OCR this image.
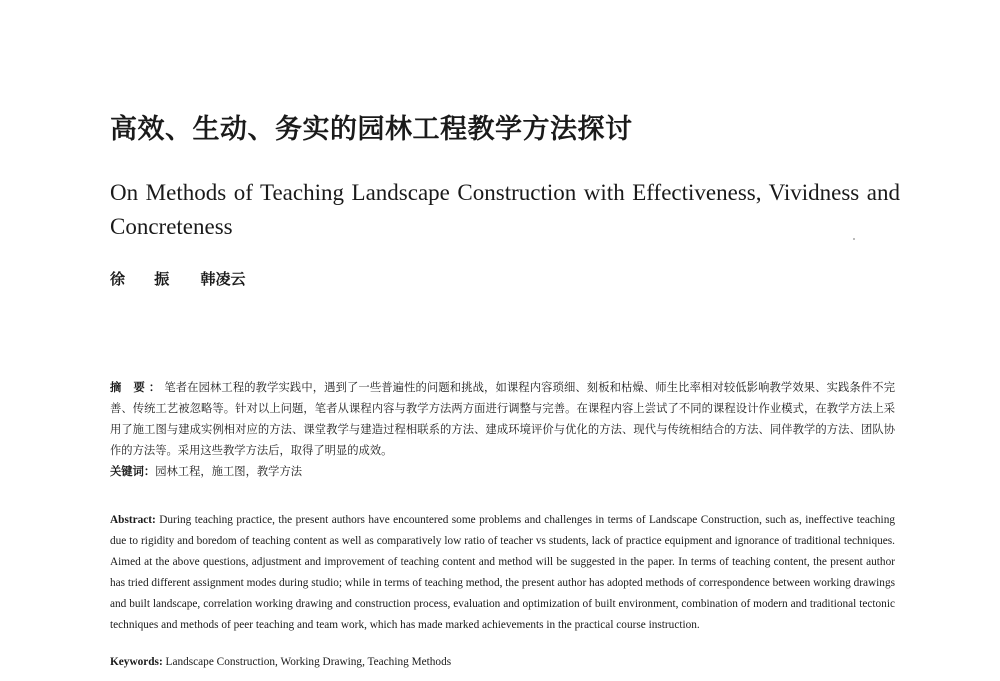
高效、生动、务实的园林工程教学方法探讨
On Methods of Teaching Landscape Construction with Effectiveness, Vividness and Concreteness
徐 振 韩凌云
摘 要：笔者在园林工程的教学实践中，遇到了一些普遍性的问题和挑战，如课程内容琐细、刻板和枯燥、师生比率相对较低影响教学效果、实践条件不完善、传统工艺被忽略等。针对以上问题，笔者从课程内容与教学方法两方面进行调整与完善。在课程内容上尝试了不同的课程设计作业模式，在教学方法上采用了施工图与建成实例相对应的方法、课堂教学与建造过程相联系的方法、建成环境评价与优化的方法、现代与传统相结合的方法、同伴教学的方法、团队协作的方法等。采用这些教学方法后，取得了明显的成效。
关键词：园林工程，施工图，教学方法
Abstract: During teaching practice, the present authors have encountered some problems and challenges in terms of Landscape Construction, such as, ineffective teaching due to rigidity and boredom of teaching content as well as comparatively low ratio of teacher vs students, lack of practice equipment and ignorance of traditional techniques. Aimed at the above questions, adjustment and improvement of teaching content and method will be suggested in the paper. In terms of teaching content, the present author has tried different assignment modes during studio; while in terms of teaching method, the present author has adopted methods of correspondence between working drawings and built landscape, correlation working drawing and construction process, evaluation and optimization of built environment, combination of modern and traditional tectonic techniques and methods of peer teaching and team work, which has made marked achievements in the practical course instruction.
Keywords: Landscape Construction, Working Drawing, Teaching Methods
